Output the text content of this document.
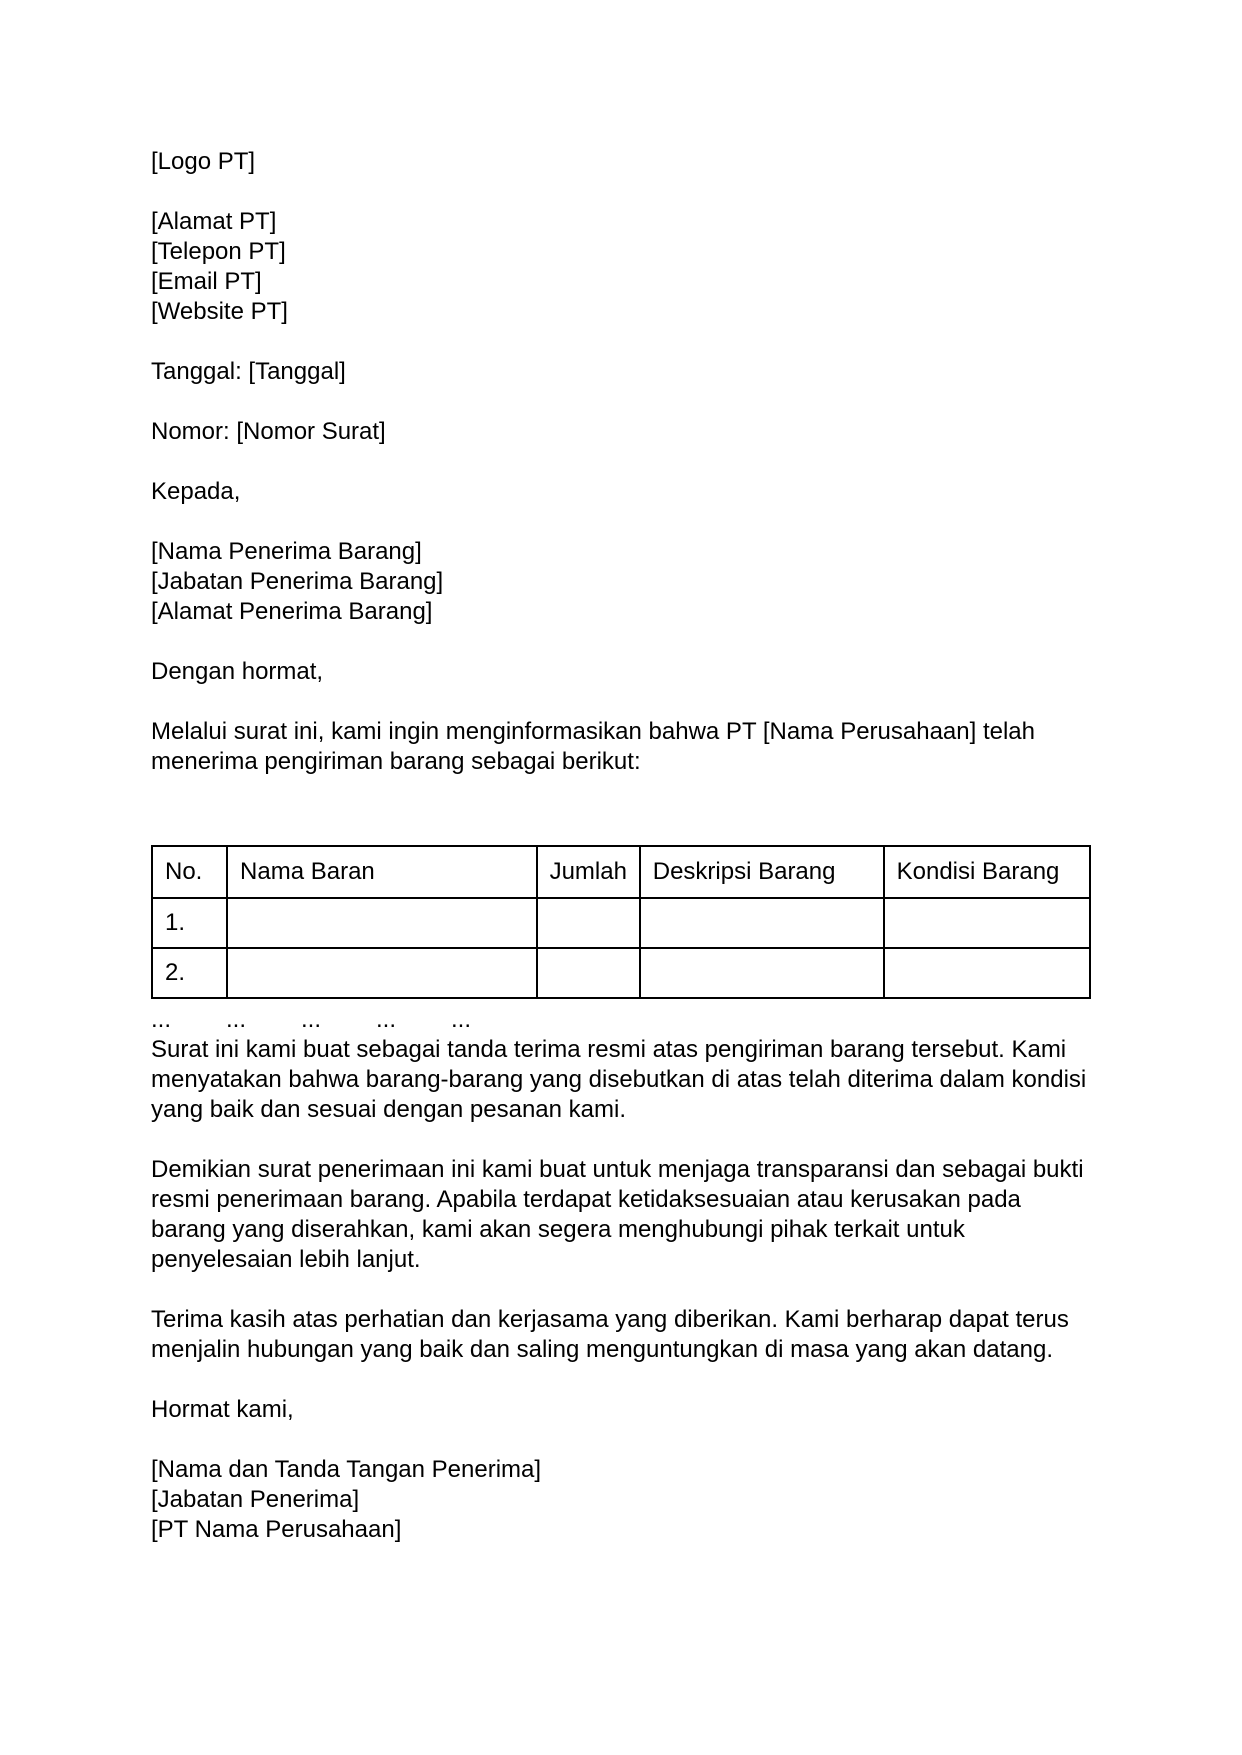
[Logo PT]
[Alamat PT]
[Telepon PT]
[Email PT]
[Website PT]
Tanggal: [Tanggal]
Nomor: [Nomor Surat]
Kepada,
[Nama Penerima Barang]
[Jabatan Penerima Barang]
[Alamat Penerima Barang]
Dengan hormat,
Melalui surat ini, kami ingin menginformasikan bahwa PT [Nama Perusahaan] telah menerima pengiriman barang sebagai berikut:
No.	Nama Baran	Jumlah	Deskripsi Barang	Kondisi Barang
1.				
2.				
...	...	...	...	...
Surat ini kami buat sebagai tanda terima resmi atas pengiriman barang tersebut. Kami menyatakan bahwa barang-barang yang disebutkan di atas telah diterima dalam kondisi yang baik dan sesuai dengan pesanan kami.
Demikian surat penerimaan ini kami buat untuk menjaga transparansi dan sebagai bukti resmi penerimaan barang. Apabila terdapat ketidaksesuaian atau kerusakan pada barang yang diserahkan, kami akan segera menghubungi pihak terkait untuk penyelesaian lebih lanjut.
Terima kasih atas perhatian dan kerjasama yang diberikan. Kami berharap dapat terus menjalin hubungan yang baik dan saling menguntungkan di masa yang akan datang.
Hormat kami,
[Nama dan Tanda Tangan Penerima]
[Jabatan Penerima]
[PT Nama Perusahaan]
